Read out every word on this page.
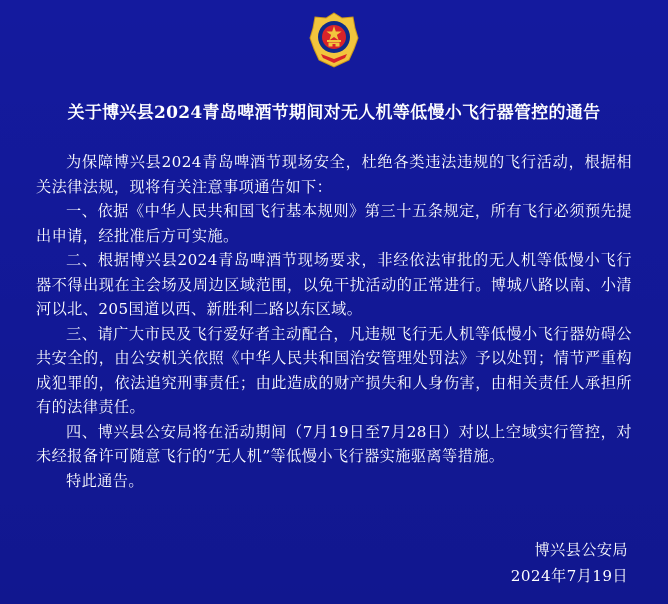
关于博兴县2024青岛啤酒节期间对无人机等低慢小飞行器管控的通告

为保障博兴县2024青岛啤酒节现场安全，杜绝各类违法违规的飞行活动，根据相关法律法规，现将有关注意事项通告如下：

一、依据《中华人民共和国飞行基本规则》第三十五条规定，所有飞行必须预先提出申请，经批准后方可实施。

二、根据博兴县2024青岛啤酒节现场要求，非经依法审批的无人机等低慢小飞行器不得出现在主会场及周边区域范围，以免干扰活动的正常进行。博城八路以南、小清河以北、205国道以西、新胜利二路以东区域。

三、请广大市民及飞行爱好者主动配合，凡违规飞行无人机等低慢小飞行器妨碍公共安全的，由公安机关依照《中华人民共和国治安管理处罚法》予以处罚；情节严重构成犯罪的，依法追究刑事责任；由此造成的财产损失和人身伤害，由相关责任人承担所有的法律责任。

四、博兴县公安局将在活动期间（7月19日至7月28日）对以上空域实行管控，对未经报备许可随意飞行的“无人机”等低慢小飞行器实施驱离等措施。

特此通告。

博兴县公安局
2024年7月19日
